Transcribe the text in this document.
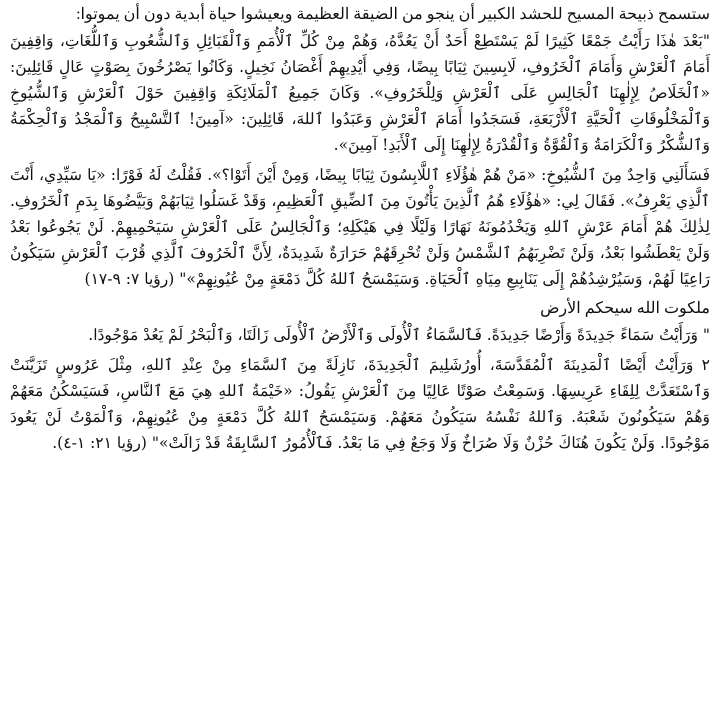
ستسمح ذبيحة المسيح للحشد الكبير أن ينجو من الضيقة العظيمة ويعيشوا حياة أبدية دون أن يموتوا:

"بَعْدَ هٰذَا رَأَيْتُ جَمْعًا كَثِيرًا لَمْ يَسْتَطِعْ أَحَدٌ أَنْ يَعُدَّهُ، وَهُمْ مِنْ كُلِّ ٱلْأُمَمِ وَٱلْقَبَائِلِ وَٱلشُّعُوبِ وَٱللُّغَاتِ، وَاقِفِينَ أَمَامَ ٱلْعَرْشِ وَأَمَامَ ٱلْخَرُوفِ، لَابِسِينَ ثِيَابًا بِيضًا، وَفِي أَيْدِيهِمْ أَغْصَانُ نَخِيلٍ. وَكَانُوا يَصْرُخُونَ بِصَوْتٍ عَالٍ قَائِلِينَ: «ٱلْخَلَاصُ لِإِلٰهِنَا ٱلْجَالِسِ عَلَى ٱلْعَرْشِ وَلِلْخَرُوفِ». وَكَانَ جَمِيعُ ٱلْمَلَائِكَةِ وَاقِفِينَ حَوْلَ ٱلْعَرْشِ وَٱلشُّيُوخِ وَٱلْمَخْلُوقَاتِ ٱلْحَيَّةِ ٱلْأَرْبَعَةِ، فَسَجَدُوا أَمَامَ ٱلْعَرْشِ وَعَبَدُوا ٱللهَ، قَائِلِينَ: «آمِينَ! ٱلتَّسْبِيحُ وَٱلْمَجْدُ وَٱلْحِكْمَةُ وَٱلشُّكْرُ وَٱلْكَرَامَةُ وَٱلْقُوَّةُ وَٱلْقُدْرَةُ لِإِلٰهِنَا إِلَى ٱلْأَبَدِ! آمِينَ».

فَسَأَلَنِي وَاحِدٌ مِنَ ٱلشُّيُوخِ: «مَنْ هُمْ هٰؤُلَاءِ ٱللَّابِسُونَ ثِيَابًا بِيضًا، وَمِنْ أَيْنَ أَتَوْا؟». فَقُلْتُ لَهُ فَوْرًا: «يَا سَيِّدِي، أَنْتَ ٱلَّذِي يَعْرِفُ». فَقَالَ لِي: «هٰؤُلَاءِ هُمُ ٱلَّذِينَ يَأْتُونَ مِنَ ٱلضِّيقِ ٱلْعَظِيمِ، وَقَدْ غَسَلُوا ثِيَابَهُمْ وَبَيَّضُوهَا بِدَمِ ٱلْخَرُوفِ. لِذٰلِكَ هُمْ أَمَامَ عَرْشِ ٱللهِ وَيَخْدُمُونَهُ نَهَارًا وَلَيْلًا فِي هَيْكَلِهِ؛ وَٱلْجَالِسُ عَلَى ٱلْعَرْشِ سَيَحْمِيهِمْ. لَنْ يَجُوعُوا بَعْدُ وَلَنْ يَعْطَشُوا بَعْدُ، وَلَنْ تَضْرِبَهُمُ ٱلشَّمْسُ وَلَنْ تُحْرِقَهُمْ حَرَارَةٌ شَدِيدَةٌ، لِأَنَّ ٱلْخَرُوفَ ٱلَّذِي قُرْبَ ٱلْعَرْشِ سَيَكُونُ رَاعِيًا لَهُمْ، وَسَيُرْشِدُهُمْ إِلَى يَنَابِيعِ مِيَاهِ ٱلْحَيَاةِ. وَسَيَمْسَحُ ٱللهُ كُلَّ دَمْعَةٍ مِنْ عُيُونِهِمْ»" (رؤيا ٧: ٩-١٧)

ملكوت الله سيحكم الأرض

" وَرَأَيْتُ سَمَاءً جَدِيدَةً وَأَرْضًا جَدِيدَةً. فَٱلسَّمَاءُ ٱلْأُولَى وَٱلْأَرْضُ ٱلْأُولَى زَالَتَا، وَٱلْبَحْرُ لَمْ يَعُدْ مَوْجُودًا.

٢ وَرَأَيْتُ أَيْضًا ٱلْمَدِينَةَ ٱلْمُقَدَّسَةَ، أُورُشَلِيمَ ٱلْجَدِيدَةَ، نَازِلَةً مِنَ ٱلسَّمَاءِ مِنْ عِنْدِ ٱللهِ، مِثْلَ عَرُوسٍ تَزَيَّنَتْ وَٱسْتَعَدَّتْ لِلِقَاءِ عَرِيسِهَا. وَسَمِعْتُ صَوْتًا عَالِيًا مِنَ ٱلْعَرْشِ يَقُولُ: «خَيْمَةُ ٱللهِ هِيَ مَعَ ٱلنَّاسِ، فَسَيَسْكُنُ مَعَهُمْ وَهُمْ سَيَكُونُونَ شَعْبَهُ. وَٱللهُ نَفْسُهُ سَيَكُونُ مَعَهُمْ. وَسَيَمْسَحُ ٱللهُ كُلَّ دَمْعَةٍ مِنْ عُيُونِهِمْ، وَٱلْمَوْتُ لَنْ يَعُودَ مَوْجُودًا. وَلَنْ يَكُونَ هُنَاكَ حُزْنٌ وَلَا صُرَاخٌ وَلَا وَجَعٌ فِي مَا بَعْدُ. فَٱلْأُمُورُ ٱلسَّابِقَةُ قَدْ زَالَتْ»" (رؤيا ٢١: ١-٤).
